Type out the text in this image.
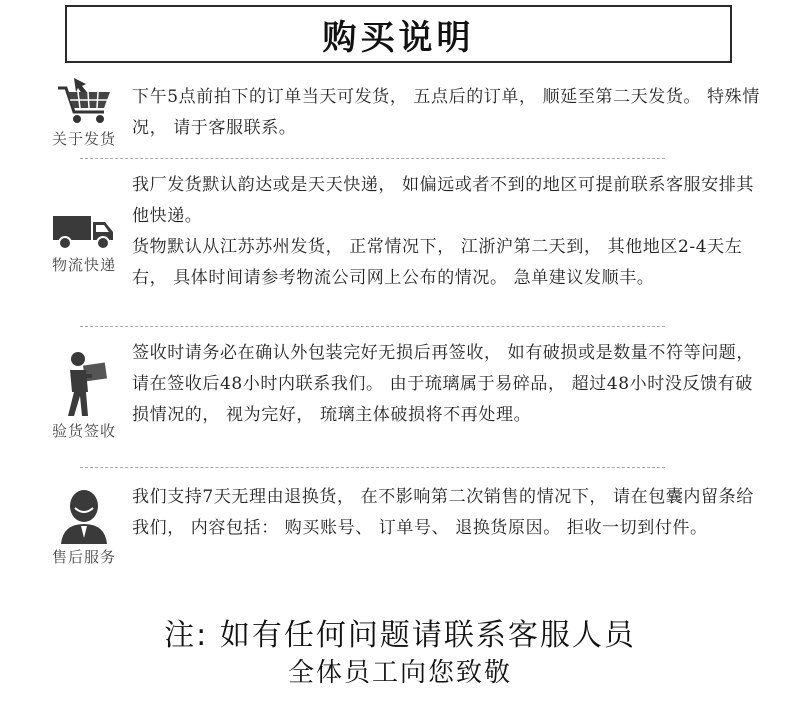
购买说明
关于发货

下午5点前拍下的订单当天可发货， 五点后的订单， 顺延至第二天发货。 特殊情况， 请于客服联系。

物流快递

我厂发货默认韵达或是天天快递， 如偏远或者不到的地区可提前联系客服安排其他快递。

货物默认从江苏苏州发货， 正常情况下， 江浙沪第二天到， 其他地区2-4天左右， 具体时间请参考物流公司网上公布的情况。 急单建议发顺丰。

验货签收

签收时请务必在确认外包装完好无损后再签收， 如有破损或是数量不符等问题， 请在签收后48小时内联系我们。 由于琉璃属于易碎品， 超过48小时没反馈有破损情况的， 视为完好， 琉璃主体破损将不再处理。

售后服务

我们支持7天无理由退换货， 在不影响第二次销售的情况下， 请在包囊内留条给我们， 内容包括： 购买账号、 订单号、 退换货原因。 拒收一切到付件。

注: 如有任何问题请联系客服人员
全体员工向您致敬
